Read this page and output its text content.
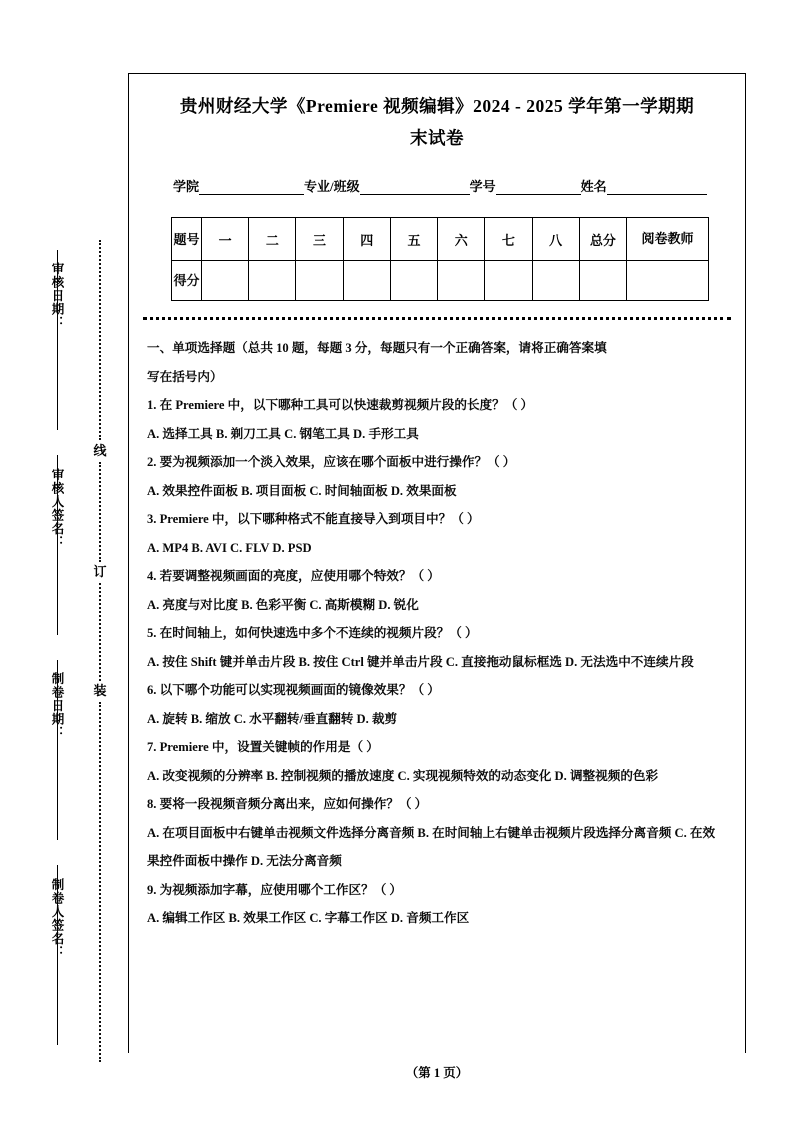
审核日期：
审核人签名：
制卷日期：
制卷人签名：
线
订
装
贵州财经大学《Premiere 视频编辑》2024 - 2025 学年第一学期期
末试卷
学院	专业/班级	学号	姓名
题号	一	二	三	四	五	六	七	八	总分	阅卷教师
得分										

一、单项选择题（总共 10 题，每题 3 分，每题只有一个正确答案，请将正确答案填

写在括号内）

1. 在 Premiere 中，以下哪种工具可以快速裁剪视频片段的长度？（ ）

A. 选择工具 B. 剃刀工具 C. 钢笔工具 D. 手形工具

2. 要为视频添加一个淡入效果，应该在哪个面板中进行操作？（ ）

A. 效果控件面板 B. 项目面板 C. 时间轴面板 D. 效果面板

3. Premiere 中，以下哪种格式不能直接导入到项目中？（ ）

A. MP4 B. AVI C. FLV D. PSD

4. 若要调整视频画面的亮度，应使用哪个特效？（ ）

A. 亮度与对比度 B. 色彩平衡 C. 高斯模糊 D. 锐化

5. 在时间轴上，如何快速选中多个不连续的视频片段？（ ）

A. 按住 Shift 键并单击片段 B. 按住 Ctrl 键并单击片段 C. 直接拖动鼠标框选 D. 无法选中不连续片段

6. 以下哪个功能可以实现视频画面的镜像效果？（ ）

A. 旋转 B. 缩放 C. 水平翻转/垂直翻转 D. 裁剪

7. Premiere 中，设置关键帧的作用是（ ）

A. 改变视频的分辨率 B. 控制视频的播放速度 C. 实现视频特效的动态变化 D. 调整视频的色彩

8. 要将一段视频音频分离出来，应如何操作？（ ）

A. 在项目面板中右键单击视频文件选择分离音频 B. 在时间轴上右键单击视频片段选择分离音频 C. 在效果控件面板中操作 D. 无法分离音频

9. 为视频添加字幕，应使用哪个工作区？（ ）

A. 编辑工作区 B. 效果工作区 C. 字幕工作区 D. 音频工作区

（第 1 页）
